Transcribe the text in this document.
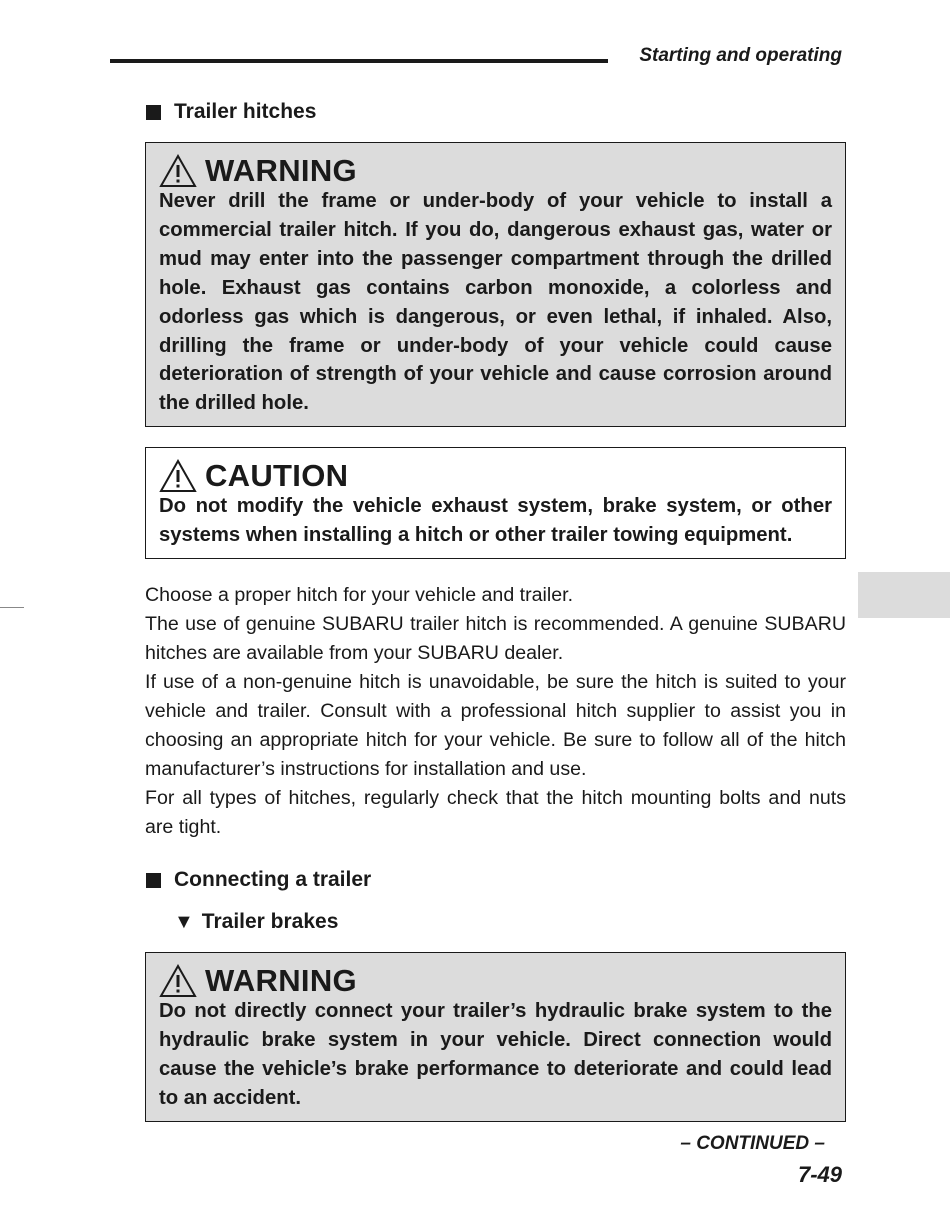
Starting and operating
Trailer hitches
WARNING
Never drill the frame or under-body of your vehicle to install a commercial trailer hitch. If you do, dangerous exhaust gas, water or mud may enter into the passenger compartment through the drilled hole. Exhaust gas contains carbon monoxide, a colorless and odorless gas which is dangerous, or even lethal, if inhaled. Also, drilling the frame or under-body of your vehicle could cause deterioration of strength of your vehicle and cause corrosion around the drilled hole.
CAUTION
Do not modify the vehicle exhaust system, brake system, or other systems when installing a hitch or other trailer towing equipment.

Choose a proper hitch for your vehicle and trailer.

The use of genuine SUBARU trailer hitch is recommended. A genuine SUBARU hitches are available from your SUBARU dealer.

If use of a non-genuine hitch is unavoidable, be sure the hitch is suited to your vehicle and trailer. Consult with a professional hitch supplier to assist you in choosing an appropriate hitch for your vehicle. Be sure to follow all of the hitch manufacturer’s instructions for installation and use.

For all types of hitches, regularly check that the hitch mounting bolts and nuts are tight.

Connecting a trailer
▼ Trailer brakes
WARNING
Do not directly connect your trailer’s hydraulic brake system to the hydraulic brake system in your vehicle. Direct connection would cause the vehicle’s brake performance to deteriorate and could lead to an accident.
– CONTINUED –
7-49
